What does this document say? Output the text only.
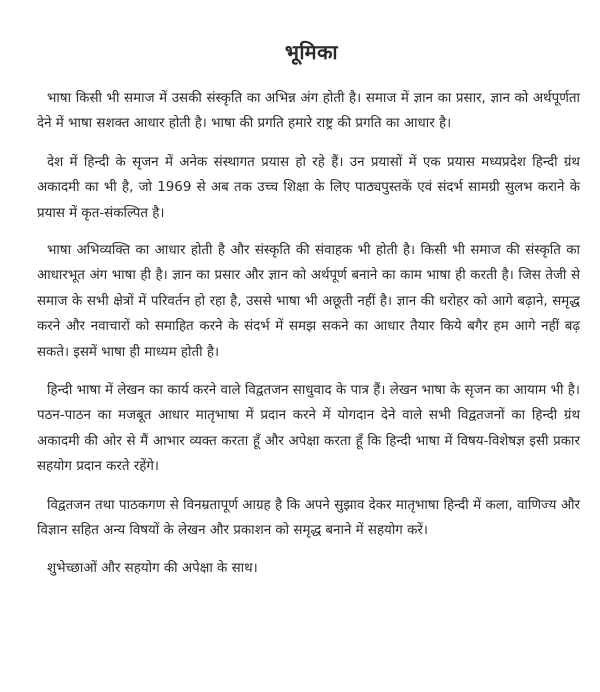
भूमिका

भाषा किसी भी समाज में उसकी संस्कृति का अभिन्न अंग होती है। समाज में ज्ञान का प्रसार, ज्ञान को अर्थपूर्णता देने में भाषा सशक्त आधार होती है। भाषा की प्रगति हमारे राष्ट्र की प्रगति का आधार है।

देश में हिन्दी के सृजन में अनेक संस्थागत प्रयास हो रहे हैं। उन प्रयासों में एक प्रयास मध्यप्रदेश हिन्दी ग्रंथ अकादमी का भी है, जो 1969 से अब तक उच्च शिक्षा के लिए पाठ्यपुस्तकें एवं संदर्भ सामग्री सुलभ कराने के प्रयास में कृत-संकल्पित है।

भाषा अभिव्यक्ति का आधार होती है और संस्कृति की संवाहक भी होती है। किसी भी समाज की संस्कृति का आधारभूत अंग भाषा ही है। ज्ञान का प्रसार और ज्ञान को अर्थपूर्ण बनाने का काम भाषा ही करती है। जिस तेजी से समाज के सभी क्षेत्रों में परिवर्तन हो रहा है, उससे भाषा भी अछूती नहीं है। ज्ञान की धरोहर को आगे बढ़ाने, समृद्ध करने और नवाचारों को समाहित करने के संदर्भ में समझ सकने का आधार तैयार किये बगैर हम आगे नहीं बढ़ सकते। इसमें भाषा ही माध्यम होती है।

हिन्दी भाषा में लेखन का कार्य करने वाले विद्वतजन साधुवाद के पात्र हैं। लेखन भाषा के सृजन का आयाम भी है। पठन-पाठन का मजबूत आधार मातृभाषा में प्रदान करने में योगदान देने वाले सभी विद्वतजनों का हिन्दी ग्रंथ अकादमी की ओर से मैं आभार व्यक्त करता हूँ और अपेक्षा करता हूँ कि हिन्दी भाषा में विषय-विशेषज्ञ इसी प्रकार सहयोग प्रदान करते रहेंगे।

विद्वतजन तथा पाठकगण से विनम्रतापूर्ण आग्रह है कि अपने सुझाव देकर मातृभाषा हिन्दी में कला, वाणिज्य और विज्ञान सहित अन्य विषयों के लेखन और प्रकाशन को समृद्ध बनाने में सहयोग करें।

शुभेच्छाओं और सहयोग की अपेक्षा के साथ।
